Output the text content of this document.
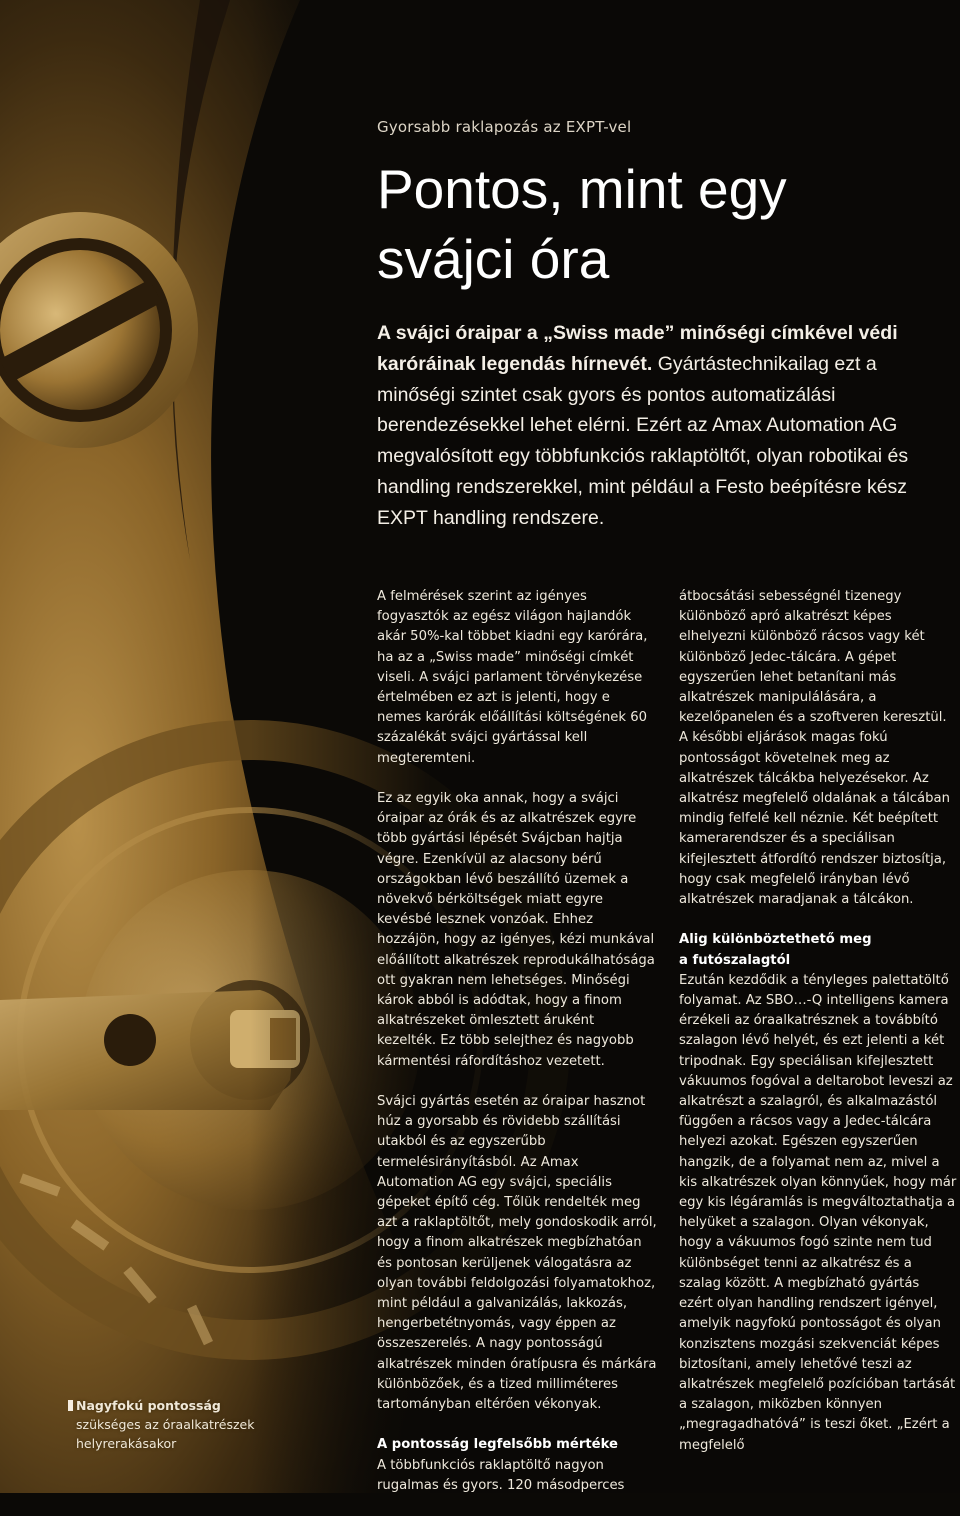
Gyorsabb raklapozás az EXPT-vel

Pontos, mint egy
svájci óra

A svájci óraipar a „Swiss made” minőségi címkével védi karóráinak legendás hírnevét. Gyártástechnikailag ezt a minőségi szintet csak gyors és pontos automatizálási berendezésekkel lehet elérni. Ezért az Amax Automation AG megvalósított egy többfunkciós raklaptöltőt, olyan robotikai és handling rendszerekkel, mint például a Festo beépítésre kész EXPT handling rendszere.

A felmérések szerint az igényes fogyasztók az egész világon hajlandók akár 50%-kal többet kiadni egy karórára, ha az a „Swiss made” minőségi címkét viseli. A svájci parlament törvénykezése értelmében ez azt is jelenti, hogy e nemes karórák előállítási költségének 60 százalékát svájci gyártással kell megteremteni.

Ez az egyik oka annak, hogy a svájci óraipar az órák és az alkatrészek egyre több gyártási lépését Svájcban hajtja végre. Ezenkívül az alacsony bérű országokban lévő beszállító üzemek a növekvő bérköltségek miatt egyre kevésbé lesznek vonzóak. Ehhez hozzájön, hogy az igényes, kézi munkával előállított alkatrészek reprodukálhatósága ott gyakran nem lehetséges. Minőségi károk abból is adódtak, hogy a finom alkatrészeket ömlesztett áruként kezelték. Ez több selejthez és nagyobb kármentési ráfordításhoz vezetett.

Svájci gyártás esetén az óraipar hasznot húz a gyorsabb és rövidebb szállítási utakból és az egyszerűbb termelésirányításból. Az Amax Automation AG egy svájci, speciális gépeket építő cég. Tőlük rendelték meg azt a raklaptöltőt, mely gondoskodik arról, hogy a finom alkatrészek megbízhatóan és pontosan kerüljenek válogatásra az olyan további feldolgozási folyamatokhoz, mint például a galvanizálás, lakkozás, hengerbetétnyomás, vagy éppen az összeszerelés. A nagy pontosságú alkatrészek minden óratípusra és márkára különbözőek, és a tized milliméteres tartományban eltérően vékonyak.

A pontosság legfelsőbb mértéke

A többfunkciós raklaptöltő nagyon rugalmas és gyors. 120 másodperces

átbocsátási sebességnél tizenegy különböző apró alkatrészt képes elhelyezni különböző rácsos vagy két különböző Jedec-tálcára. A gépet egyszerűen lehet betanítani más alkatrészek manipulálására, a kezelőpanelen és a szoftveren keresztül. A későbbi eljárások magas fokú pontosságot követelnek meg az alkatrészek tálcákba helyezésekor. Az alkatrész megfelelő oldalának a tálcában mindig felfelé kell néznie. Két beépített kamerarendszer és a speciálisan kifejlesztett átfordító rendszer biztosítja, hogy csak megfelelő irányban lévő alkatrészek maradjanak a tálcákon.

Alig különböztethető meg
a futószalagtól

Ezután kezdődik a tényleges palettatöltő folyamat. Az SBO…-Q intelligens kamera érzékeli az óraalkatrésznek a továbbító szalagon lévő helyét, és ezt jelenti a két tripodnak. Egy speciálisan kifejlesztett vákuumos fogóval a deltarobot leveszi az alkatrészt a szalagról, és alkalmazástól függően a rácsos vagy a Jedec-tálcára helyezi azokat. Egészen egyszerűen hangzik, de a folyamat nem az, mivel a kis alkatrészek olyan könnyűek, hogy már egy kis légáramlás is megváltoztathatja a helyüket a szalagon. Olyan vékonyak, hogy a vákuumos fogó szinte nem tud különbséget tenni az alkatrész és a szalag között. A megbízható gyártás ezért olyan handling rendszert igényel, amelyik nagyfokú pontosságot és olyan konzisztens mozgási szekvenciát képes biztosítani, amely lehetővé teszi az alkatrészek megfelelő pozícióban tartását a szalagon, miközben könnyen „megragadhatóvá” is teszi őket. „Ezért a megfelelő

Nagyfokú pontosság szükséges az óraalkatrészek helyrerakásakor
